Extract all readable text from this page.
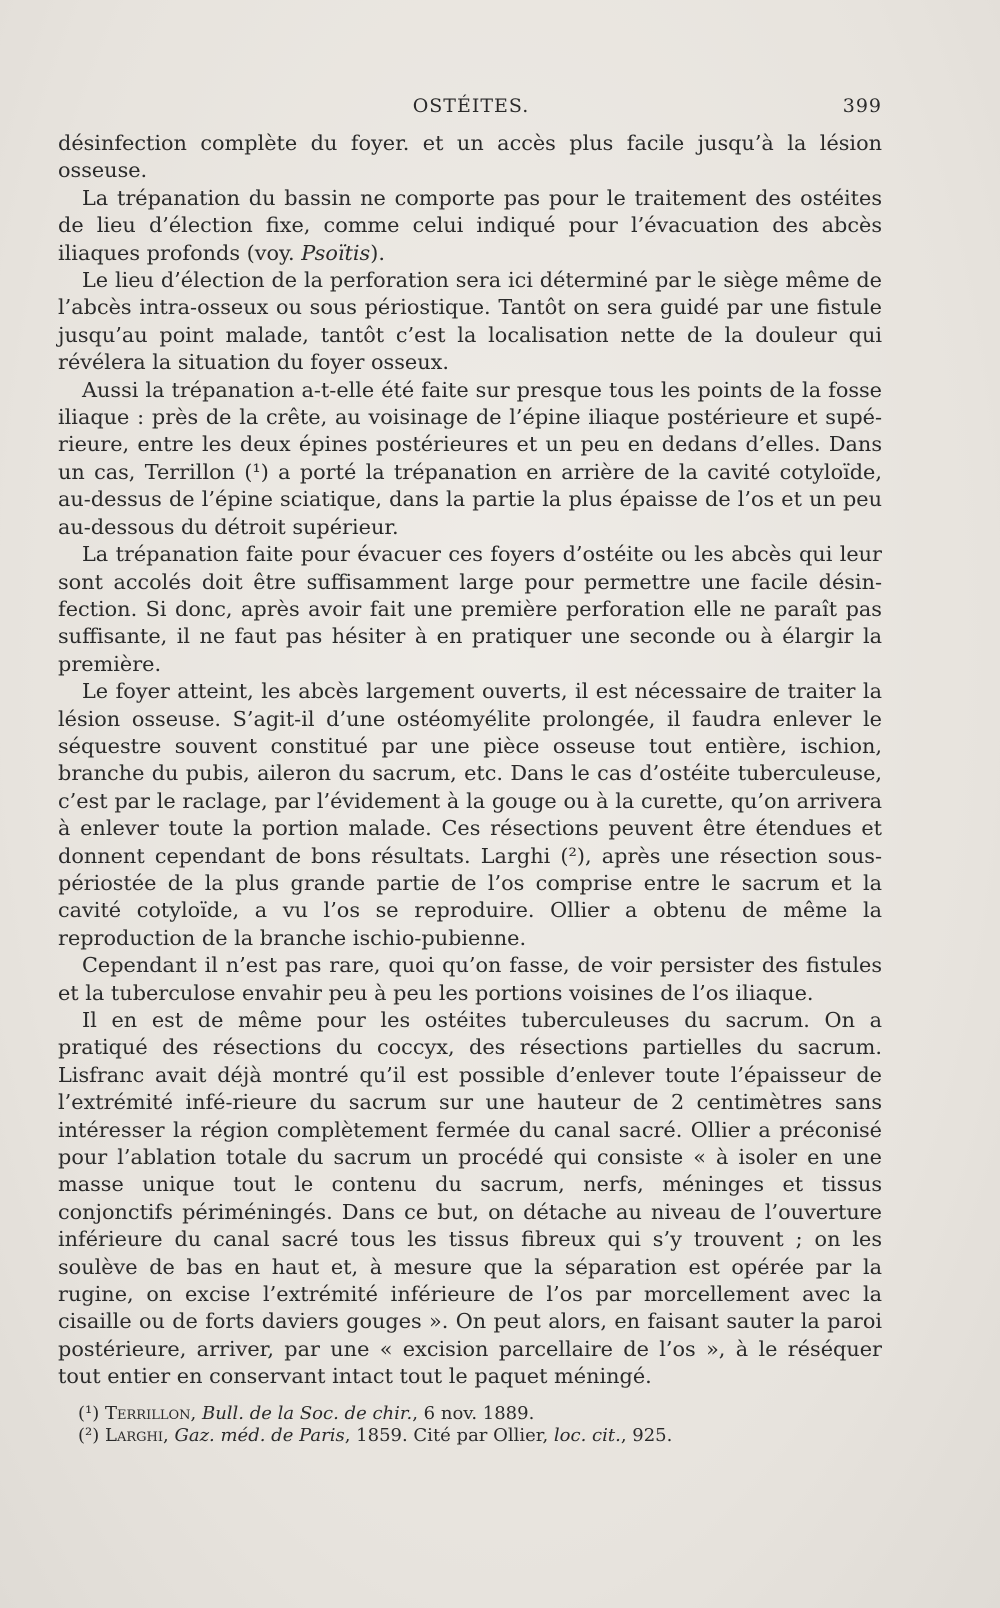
OSTÉITES.	399

désinfection complète du foyer. et un accès plus facile jusqu’à la lésion osseuse.

La trépanation du bassin ne comporte pas pour le traitement des ostéites de lieu d’élection fixe, comme celui indiqué pour l’évacuation des abcès iliaques profonds (voy. Psoïtis).

Le lieu d’élection de la perforation sera ici déterminé par le siège même de l’abcès intra-osseux ou sous périostique. Tantôt on sera guidé par une fistule jusqu’au point malade, tantôt c’est la localisation nette de la douleur qui révélera la situation du foyer osseux.

Aussi la trépanation a-t-elle été faite sur presque tous les points de la fosse iliaque : près de la crête, au voisinage de l’épine iliaque postérieure et supé-rieure, entre les deux épines postérieures et un peu en dedans d’elles. Dans un cas, Terrillon (¹) a porté la trépanation en arrière de la cavité cotyloïde, au-dessus de l’épine sciatique, dans la partie la plus épaisse de l’os et un peu au-dessous du détroit supérieur.

La trépanation faite pour évacuer ces foyers d’ostéite ou les abcès qui leur sont accolés doit être suffisamment large pour permettre une facile désin-fection. Si donc, après avoir fait une première perforation elle ne paraît pas suffisante, il ne faut pas hésiter à en pratiquer une seconde ou à élargir la première.

Le foyer atteint, les abcès largement ouverts, il est nécessaire de traiter la lésion osseuse. S’agit-il d’une ostéomyélite prolongée, il faudra enlever le séquestre souvent constitué par une pièce osseuse tout entière, ischion, branche du pubis, aileron du sacrum, etc. Dans le cas d’ostéite tuberculeuse, c’est par le raclage, par l’évidement à la gouge ou à la curette, qu’on arrivera à enlever toute la portion malade. Ces résections peuvent être étendues et donnent cependant de bons résultats. Larghi (²), après une résection sous-périostée de la plus grande partie de l’os comprise entre le sacrum et la cavité cotyloïde, a vu l’os se reproduire. Ollier a obtenu de même la reproduction de la branche ischio-pubienne.

Cependant il n’est pas rare, quoi qu’on fasse, de voir persister des fistules et la tuberculose envahir peu à peu les portions voisines de l’os iliaque.

Il en est de même pour les ostéites tuberculeuses du sacrum. On a pratiqué des résections du coccyx, des résections partielles du sacrum. Lisfranc avait déjà montré qu’il est possible d’enlever toute l’épaisseur de l’extrémité infé-rieure du sacrum sur une hauteur de 2 centimètres sans intéresser la région complètement fermée du canal sacré. Ollier a préconisé pour l’ablation totale du sacrum un procédé qui consiste « à isoler en une masse unique tout le contenu du sacrum, nerfs, méninges et tissus conjonctifs périméningés. Dans ce but, on détache au niveau de l’ouverture inférieure du canal sacré tous les tissus fibreux qui s’y trouvent ; on les soulève de bas en haut et, à mesure que la séparation est opérée par la rugine, on excise l’extrémité inférieure de l’os par morcellement avec la cisaille ou de forts daviers gouges ». On peut alors, en faisant sauter la paroi postérieure, arriver, par une « excision parcellaire de l’os », à le réséquer tout entier en conservant intact tout le paquet méningé.

(¹) Terrillon, Bull. de la Soc. de chir., 6 nov. 1889.

(²) Larghi, Gaz. méd. de Paris, 1859. Cité par Ollier, loc. cit., 925.
